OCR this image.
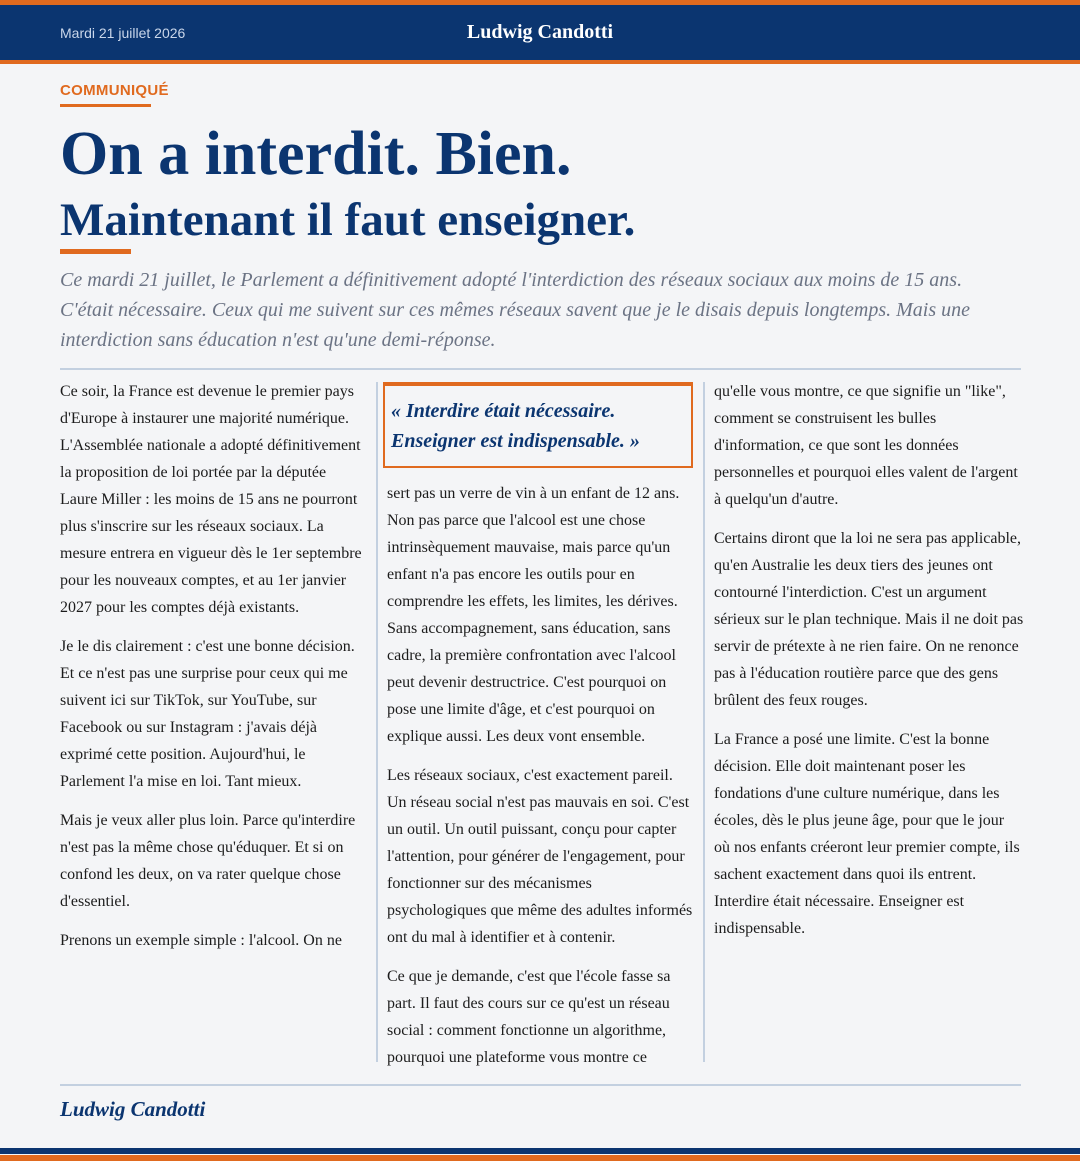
Mardi 21 juillet 2026	Ludwig Candotti
COMMUNIQUÉ
On a interdit. Bien.
Maintenant il faut enseigner.
Ce mardi 21 juillet, le Parlement a définitivement adopté l'interdiction des réseaux sociaux aux moins de 15 ans. C'était nécessaire. Ceux qui me suivent sur ces mêmes réseaux savent que je le disais depuis longtemps. Mais une interdiction sans éducation n'est qu'une demi-réponse.

Ce soir, la France est devenue le premier pays d'Europe à instaurer une majorité numérique. L'Assemblée nationale a adopté définitivement la proposition de loi portée par la députée Laure Miller : les moins de 15 ans ne pourront plus s'inscrire sur les réseaux sociaux. La mesure entrera en vigueur dès le 1er septembre pour les nouveaux comptes, et au 1er janvier 2027 pour les comptes déjà existants.

Je le dis clairement : c'est une bonne décision. Et ce n'est pas une surprise pour ceux qui me suivent ici sur TikTok, sur YouTube, sur Facebook ou sur Instagram : j'avais déjà exprimé cette position. Aujourd'hui, le Parlement l'a mise en loi. Tant mieux.

Mais je veux aller plus loin. Parce qu'interdire n'est pas la même chose qu'éduquer. Et si on confond les deux, on va rater quelque chose d'essentiel.

Prenons un exemple simple : l'alcool. On ne

« Interdire était nécessaire.
Enseigner est indispensable. »

sert pas un verre de vin à un enfant de 12 ans. Non pas parce que l'alcool est une chose intrinsèquement mauvaise, mais parce qu'un enfant n'a pas encore les outils pour en comprendre les effets, les limites, les dérives. Sans accompagnement, sans éducation, sans cadre, la première confrontation avec l'alcool peut devenir destructrice. C'est pourquoi on pose une limite d'âge, et c'est pourquoi on explique aussi. Les deux vont ensemble.

Les réseaux sociaux, c'est exactement pareil. Un réseau social n'est pas mauvais en soi. C'est un outil. Un outil puissant, conçu pour capter l'attention, pour générer de l'engagement, pour fonctionner sur des mécanismes psychologiques que même des adultes informés ont du mal à identifier et à contenir.

Ce que je demande, c'est que l'école fasse sa part. Il faut des cours sur ce qu'est un réseau social : comment fonctionne un algorithme, pourquoi une plateforme vous montre ce

qu'elle vous montre, ce que signifie un "like", comment se construisent les bulles d'information, ce que sont les données personnelles et pourquoi elles valent de l'argent à quelqu'un d'autre.

Certains diront que la loi ne sera pas applicable, qu'en Australie les deux tiers des jeunes ont contourné l'interdiction. C'est un argument sérieux sur le plan technique. Mais il ne doit pas servir de prétexte à ne rien faire. On ne renonce pas à l'éducation routière parce que des gens brûlent des feux rouges.

La France a posé une limite. C'est la bonne décision. Elle doit maintenant poser les fondations d'une culture numérique, dans les écoles, dès le plus jeune âge, pour que le jour où nos enfants créeront leur premier compte, ils sachent exactement dans quoi ils entrent. Interdire était nécessaire. Enseigner est indispensable.

Ludwig Candotti
